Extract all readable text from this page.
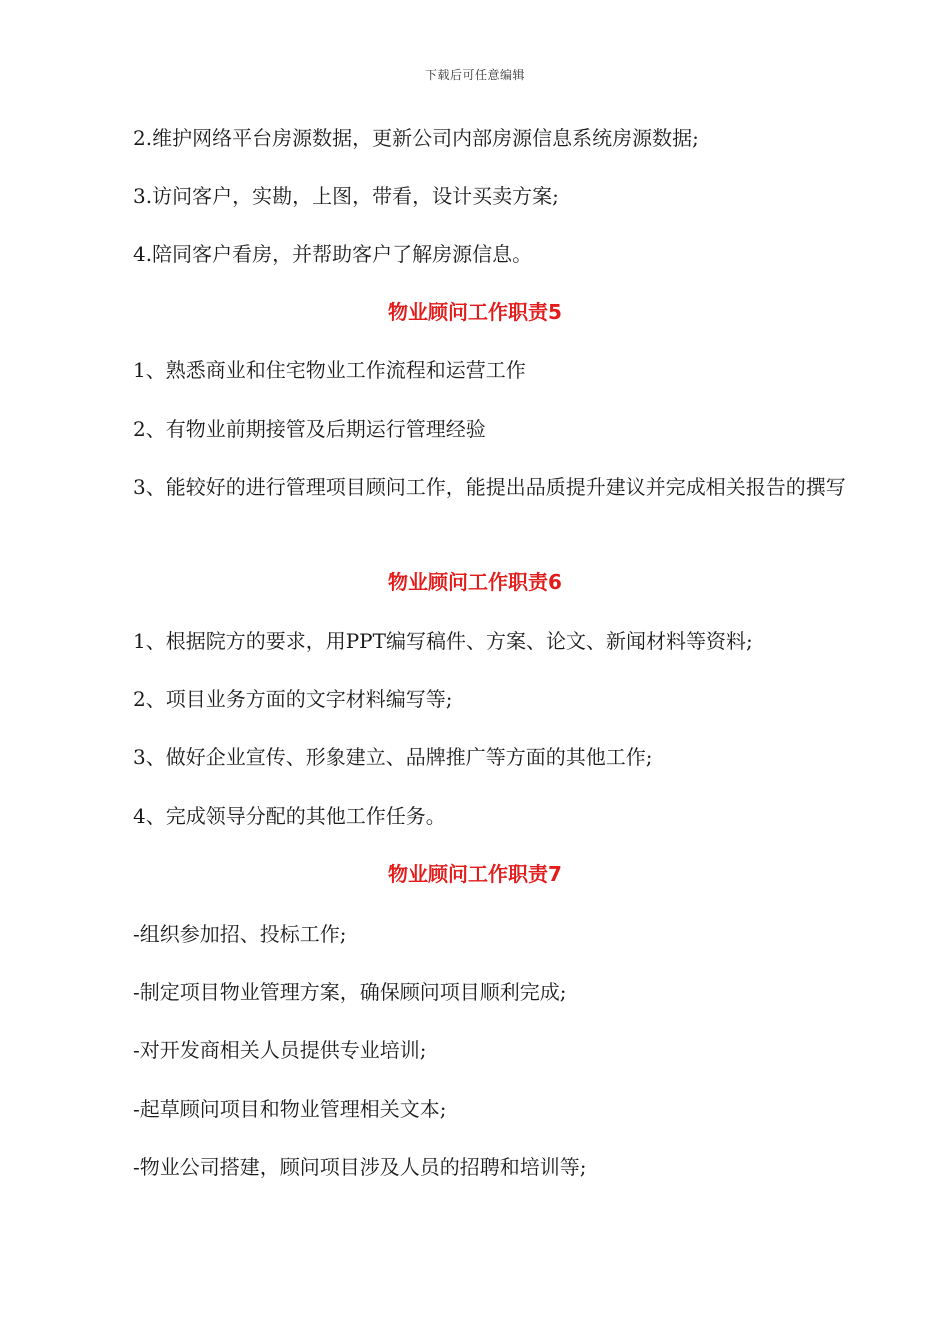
下载后可任意编辑
2.维护网络平台房源数据，更新公司内部房源信息系统房源数据;
3.访问客户，实勘，上图，带看，设计买卖方案;
4.陪同客户看房，并帮助客户了解房源信息。
物业顾问工作职责5
1、熟悉商业和住宅物业工作流程和运营工作
2、有物业前期接管及后期运行管理经验
3、能较好的进行管理项目顾问工作，能提出品质提升建议并完成相关报告的撰写
物业顾问工作职责6
1、根据院方的要求，用PPT编写稿件、方案、论文、新闻材料等资料;
2、项目业务方面的文字材料编写等;
3、做好企业宣传、形象建立、品牌推广等方面的其他工作;
4、完成领导分配的其他工作任务。
物业顾问工作职责7
-组织参加招、投标工作;
-制定项目物业管理方案，确保顾问项目顺利完成;
-对开发商相关人员提供专业培训;
-起草顾问项目和物业管理相关文本;
-物业公司搭建，顾问项目涉及人员的招聘和培训等;
